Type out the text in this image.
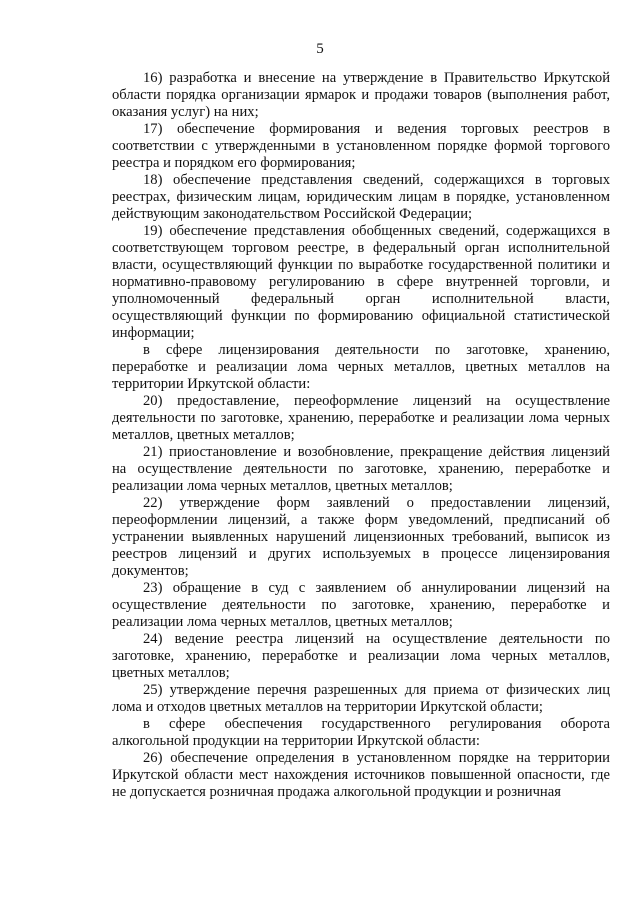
5

16) разработка и внесение на утверждение в Правительство Иркутской области порядка организации ярмарок и продажи товаров (выполнения работ, оказания услуг) на них;

17) обеспечение формирования и ведения торговых реестров в соответствии с утвержденными в установленном порядке формой торгового реестра и порядком его формирования;

18) обеспечение представления сведений, содержащихся в торговых реестрах, физическим лицам, юридическим лицам в порядке, установленном действующим законодательством Российской Федерации;

19) обеспечение представления обобщенных сведений, содержащихся в соответствующем торговом реестре, в федеральный орган исполнительной власти, осуществляющий функции по выработке государственной политики и нормативно-правовому регулированию в сфере внутренней торговли, и уполномоченный федеральный орган исполнительной власти, осуществляющий функции по формированию официальной статистической информации;

в сфере лицензирования деятельности по заготовке, хранению, переработке и реализации лома черных металлов, цветных металлов на территории Иркутской области:

20) предоставление, переоформление лицензий на осуществление деятельности по заготовке, хранению, переработке и реализации лома черных металлов, цветных металлов;

21) приостановление и возобновление, прекращение действия лицензий на осуществление деятельности по заготовке, хранению, переработке и реализации лома черных металлов, цветных металлов;

22) утверждение форм заявлений о предоставлении лицензий, переоформлении лицензий, а также форм уведомлений, предписаний об устранении выявленных нарушений лицензионных требований, выписок из реестров лицензий и других используемых в процессе лицензирования документов;

23) обращение в суд с заявлением об аннулировании лицензий на осуществление деятельности по заготовке, хранению, переработке и реализации лома черных металлов, цветных металлов;

24) ведение реестра лицензий на осуществление деятельности по заготовке, хранению, переработке и реализации лома черных металлов, цветных металлов;

25) утверждение перечня разрешенных для приема от физических лиц лома и отходов цветных металлов на территории Иркутской области;

в сфере обеспечения государственного регулирования оборота алкогольной продукции на территории Иркутской области:

26) обеспечение определения в установленном порядке на территории Иркутской области мест нахождения источников повышенной опасности, где не допускается розничная продажа алкогольной продукции и розничная
